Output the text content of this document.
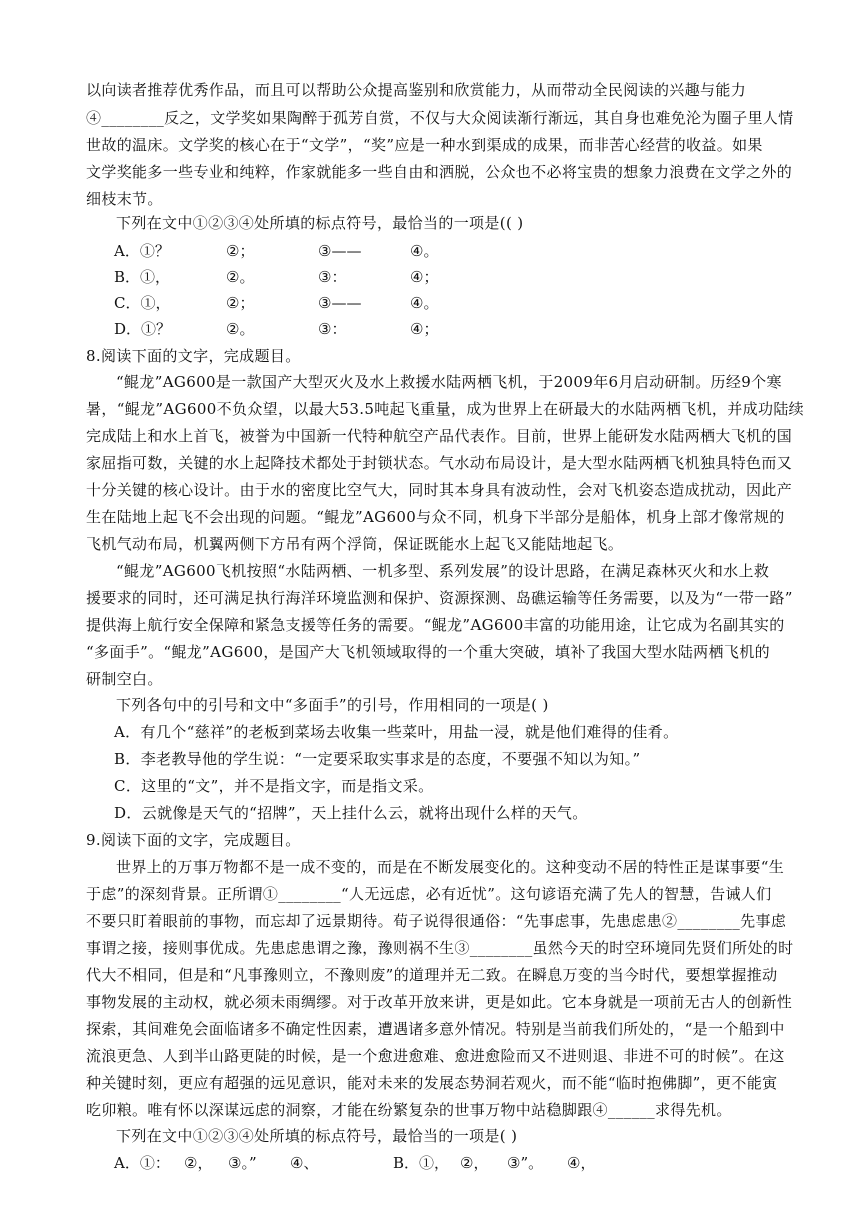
以向读者推荐优秀作品，而且可以帮助公众提高鉴别和欣赏能力，从而带动全民阅读的兴趣与能力
④________反之，文学奖如果陶醉于孤芳自赏，不仅与大众阅读渐行渐远，其自身也难免沦为圈子里人情
世故的温床。文学奖的核心在于“文学”，“奖”应是一种水到渠成的成果，而非苦心经营的收益。如果
文学奖能多一些专业和纯粹，作家就能多一些自由和洒脱，公众也不必将宝贵的想象力浪费在文学之外的
细枝末节。
下列在文中①②③④处所填的标点符号，最恰当的一项是(( )
A．①？	②；	③——	④。
B．①，	②。	③：	④；
C．①，	②；	③——	④。
D．①？	②。	③：	④；
8.阅读下面的文字，完成题目。
“鲲龙”AG600是一款国产大型灭火及水上救援水陆两栖飞机，于2009年6月启动研制。历经9个寒
暑，“鲲龙”AG600不负众望，以最大53.5吨起飞重量，成为世界上在研最大的水陆两栖飞机，并成功陆续
完成陆上和水上首飞，被誉为中国新一代特种航空产品代表作。目前，世界上能研发水陆两栖大飞机的国
家屈指可数，关键的水上起降技术都处于封锁状态。气水动布局设计，是大型水陆两栖飞机独具特色而又
十分关键的核心设计。由于水的密度比空气大，同时其本身具有波动性，会对飞机姿态造成扰动，因此产
生在陆地上起飞不会出现的问题。“鲲龙”AG600与众不同，机身下半部分是船体，机身上部才像常规的
飞机气动布局，机翼两侧下方吊有两个浮筒，保证既能水上起飞又能陆地起飞。
“鲲龙”AG600飞机按照“水陆两栖、一机多型、系列发展”的设计思路，在满足森林灭火和水上救
援要求的同时，还可满足执行海洋环境监测和保护、资源探测、岛礁运输等任务需要，以及为“一带一路”
提供海上航行安全保障和紧急支援等任务的需要。“鲲龙”AG600丰富的功能用途，让它成为名副其实的
“多面手”。“鲲龙”AG600，是国产大飞机领域取得的一个重大突破，填补了我国大型水陆两栖飞机的
研制空白。
下列各句中的引号和文中“多面手”的引号，作用相同的一项是( )
A．有几个“慈祥”的老板到菜场去收集一些菜叶，用盐一浸，就是他们难得的佳肴。
B．李老教导他的学生说：“一定要采取实事求是的态度，不要强不知以为知。”
C．这里的“文”，并不是指文字，而是指文采。
D．云就像是天气的“招牌”，天上挂什么云，就将出现什么样的天气。
9.阅读下面的文字，完成题目。
世界上的万事万物都不是一成不变的，而是在不断发展变化的。这种变动不居的特性正是谋事要“生
于虑”的深刻背景。正所谓①________“人无远虑，必有近忧”。这句谚语充满了先人的智慧，告诫人们
不要只盯着眼前的事物，而忘却了远景期待。荀子说得很通俗：“先事虑事，先患虑患②________先事虑
事谓之接，接则事优成。先患虑患谓之豫，豫则祸不生③________虽然今天的时空环境同先贤们所处的时
代大不相同，但是和“凡事豫则立，不豫则废”的道理并无二致。在瞬息万变的当今时代，要想掌握推动
事物发展的主动权，就必须未雨绸缪。对于改革开放来讲，更是如此。它本身就是一项前无古人的创新性
探索，其间难免会面临诸多不确定性因素，遭遇诸多意外情况。特别是当前我们所处的，“是一个船到中
流浪更急、人到半山路更陡的时候，是一个愈进愈难、愈进愈险而又不进则退、非进不可的时候”。在这
种关键时刻，更应有超强的远见意识，能对未来的发展态势洞若观火，而不能“临时抱佛脚”，更不能寅
吃卯粮。唯有怀以深谋远虑的洞察，才能在纷繁复杂的世事万物中站稳脚跟④______求得先机。
下列在文中①②③④处所填的标点符号，最恰当的一项是( )
A．①： ②， ③。” ④、	B．①， ②， ③”。 ④，
